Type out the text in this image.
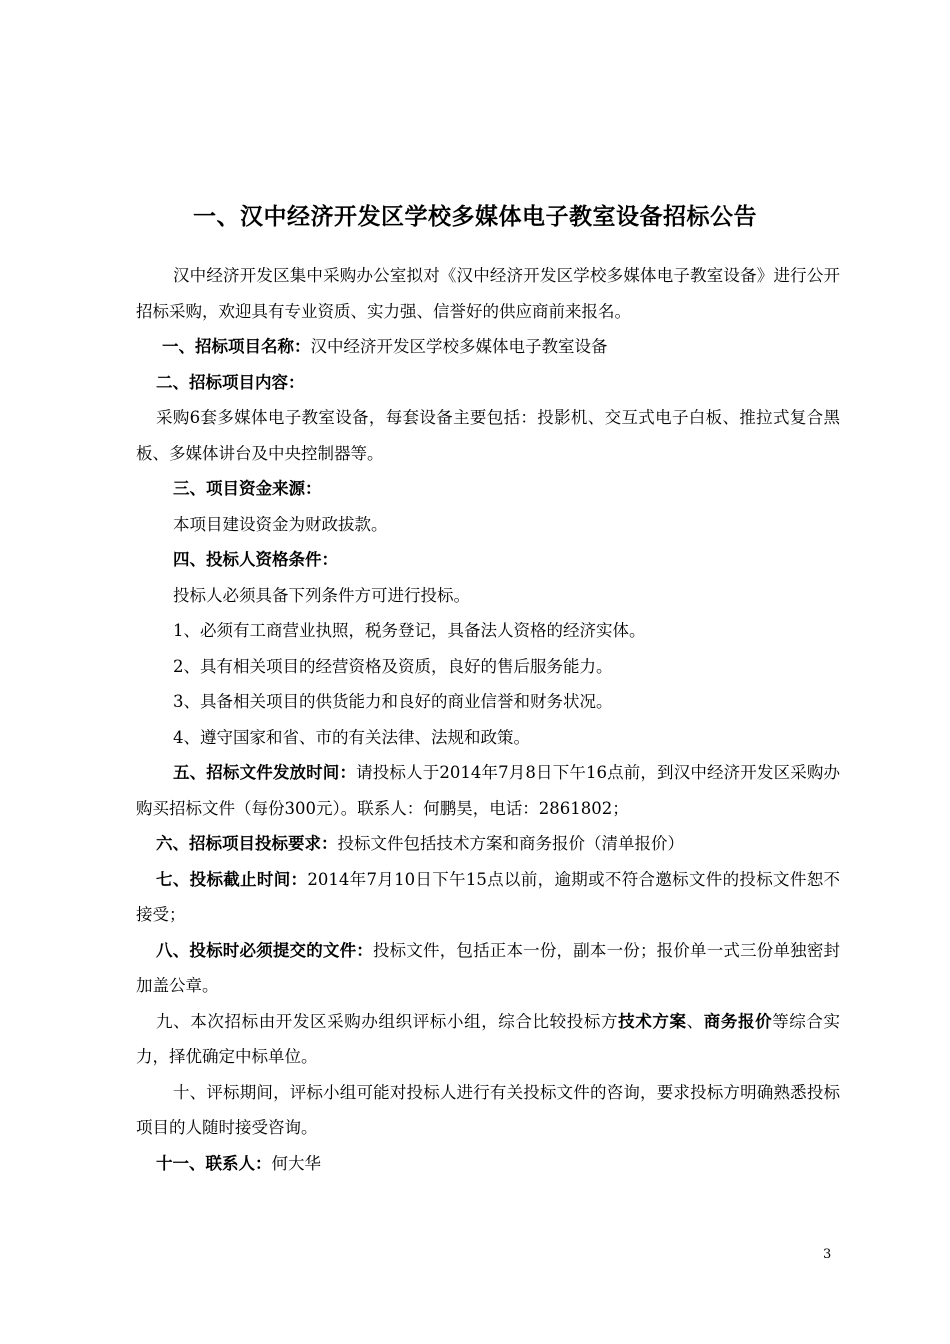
一、汉中经济开发区学校多媒体电子教室设备招标公告

汉中经济开发区集中采购办公室拟对《汉中经济开发区学校多媒体电子教室设备》进行公开招标采购，欢迎具有专业资质、实力强、信誉好的供应商前来报名。

一、招标项目名称：汉中经济开发区学校多媒体电子教室设备

二、招标项目内容：

采购6套多媒体电子教室设备，每套设备主要包括：投影机、交互式电子白板、推拉式复合黑板、多媒体讲台及中央控制器等。

三、项目资金来源：

本项目建设资金为财政拔款。

四、投标人资格条件：

投标人必须具备下列条件方可进行投标。

1、必须有工商营业执照，税务登记，具备法人资格的经济实体。

2、具有相关项目的经营资格及资质，良好的售后服务能力。

3、具备相关项目的供货能力和良好的商业信誉和财务状况。

4、遵守国家和省、市的有关法律、法规和政策。

五、招标文件发放时间：请投标人于2014年7月8日下午16点前，到汉中经济开发区采购办购买招标文件（每份300元）。联系人：何鹏昊，电话：2861802；

六、招标项目投标要求：投标文件包括技术方案和商务报价（清单报价）

七、投标截止时间：2014年7月10日下午15点以前，逾期或不符合邀标文件的投标文件恕不接受；

八、投标时必须提交的文件：投标文件，包括正本一份，副本一份；报价单一式三份单独密封加盖公章。

九、本次招标由开发区采购办组织评标小组，综合比较投标方技术方案、商务报价等综合实力，择优确定中标单位。

十、评标期间，评标小组可能对投标人进行有关投标文件的咨询，要求投标方明确熟悉投标项目的人随时接受咨询。

十一、联系人：何大华

3
